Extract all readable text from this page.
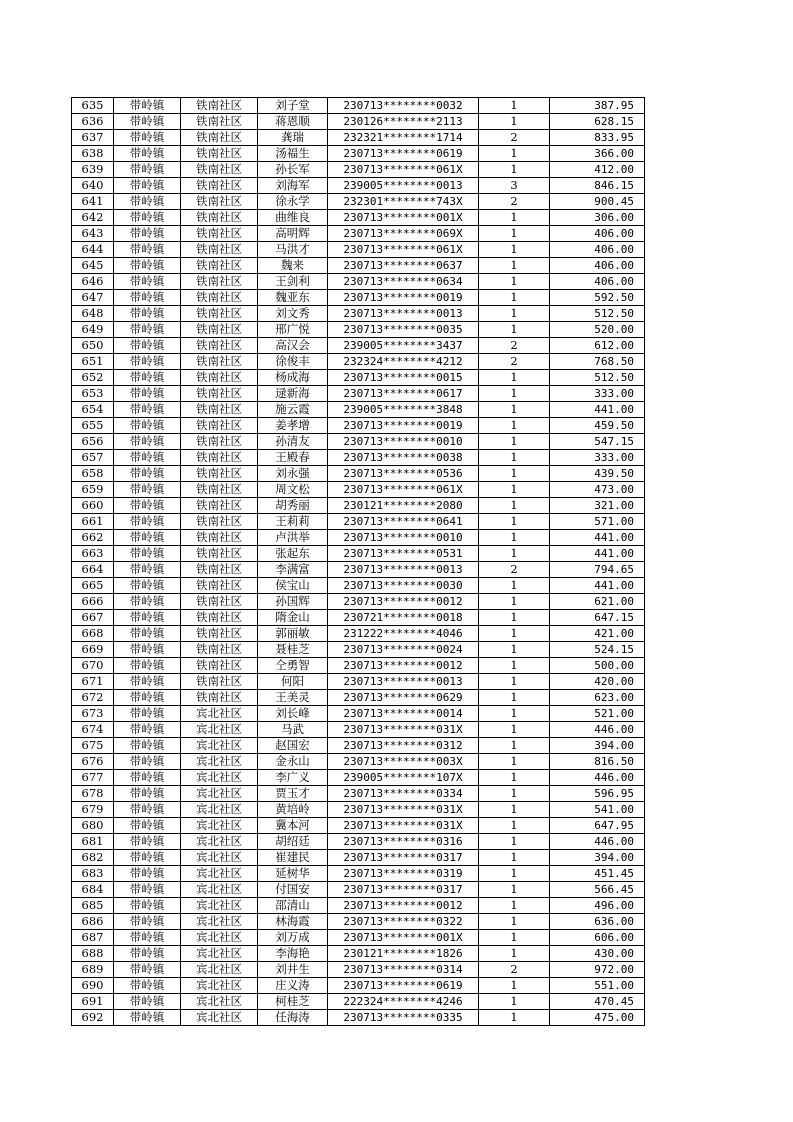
635	带岭镇	铁南社区	刘子堂	230713********0032	1	387.95
636	带岭镇	铁南社区	蒋恩顺	230126********2113	1	628.15
637	带岭镇	铁南社区	龚瑞	232321********1714	2	833.95
638	带岭镇	铁南社区	汤福生	230713********0619	1	366.00
639	带岭镇	铁南社区	孙长军	230713********061X	1	412.00
640	带岭镇	铁南社区	刘海军	239005********0013	3	846.15
641	带岭镇	铁南社区	徐永学	232301********743X	2	900.45
642	带岭镇	铁南社区	曲维良	230713********001X	1	306.00
643	带岭镇	铁南社区	高明辉	230713********069X	1	406.00
644	带岭镇	铁南社区	马洪才	230713********061X	1	406.00
645	带岭镇	铁南社区	魏来	230713********0637	1	406.00
646	带岭镇	铁南社区	王剑利	230713********0634	1	406.00
647	带岭镇	铁南社区	魏亚东	230713********0019	1	592.50
648	带岭镇	铁南社区	刘文秀	230713********0013	1	512.50
649	带岭镇	铁南社区	邢广悦	230713********0035	1	520.00
650	带岭镇	铁南社区	高汉会	239005********3437	2	612.00
651	带岭镇	铁南社区	徐俊丰	232324********4212	2	768.50
652	带岭镇	铁南社区	杨成海	230713********0015	1	512.50
653	带岭镇	铁南社区	逯新海	230713********0617	1	333.00
654	带岭镇	铁南社区	施云霞	239005********3848	1	441.00
655	带岭镇	铁南社区	姜孝增	230713********0019	1	459.50
656	带岭镇	铁南社区	孙清友	230713********0010	1	547.15
657	带岭镇	铁南社区	王殿春	230713********0038	1	333.00
658	带岭镇	铁南社区	刘永强	230713********0536	1	439.50
659	带岭镇	铁南社区	周文松	230713********061X	1	473.00
660	带岭镇	铁南社区	胡秀丽	230121********2080	1	321.00
661	带岭镇	铁南社区	王莉莉	230713********0641	1	571.00
662	带岭镇	铁南社区	卢洪举	230713********0010	1	441.00
663	带岭镇	铁南社区	张起东	230713********0531	1	441.00
664	带岭镇	铁南社区	李满富	230713********0013	2	794.65
665	带岭镇	铁南社区	侯宝山	230713********0030	1	441.00
666	带岭镇	铁南社区	孙国辉	230713********0012	1	621.00
667	带岭镇	铁南社区	隋金山	230721********0018	1	647.15
668	带岭镇	铁南社区	郭丽敏	231222********4046	1	421.00
669	带岭镇	铁南社区	聂桂芝	230713********0024	1	524.15
670	带岭镇	铁南社区	仝勇智	230713********0012	1	500.00
671	带岭镇	铁南社区	何阳	230713********0013	1	420.00
672	带岭镇	铁南社区	王美灵	230713********0629	1	623.00
673	带岭镇	宾北社区	刘长峰	230713********0014	1	521.00
674	带岭镇	宾北社区	马武	230713********031X	1	446.00
675	带岭镇	宾北社区	赵国宏	230713********0312	1	394.00
676	带岭镇	宾北社区	金永山	230713********003X	1	816.50
677	带岭镇	宾北社区	李广义	239005********107X	1	446.00
678	带岭镇	宾北社区	贾玉才	230713********0334	1	596.95
679	带岭镇	宾北社区	黄培岭	230713********031X	1	541.00
680	带岭镇	宾北社区	冀本河	230713********031X	1	647.95
681	带岭镇	宾北社区	胡绍廷	230713********0316	1	446.00
682	带岭镇	宾北社区	崔建民	230713********0317	1	394.00
683	带岭镇	宾北社区	延树华	230713********0319	1	451.45
684	带岭镇	宾北社区	付国安	230713********0317	1	566.45
685	带岭镇	宾北社区	邵清山	230713********0012	1	496.00
686	带岭镇	宾北社区	林海霞	230713********0322	1	636.00
687	带岭镇	宾北社区	刘万成	230713********001X	1	606.00
688	带岭镇	宾北社区	李海艳	230121********1826	1	430.00
689	带岭镇	宾北社区	刘井生	230713********0314	2	972.00
690	带岭镇	宾北社区	庄义涛	230713********0619	1	551.00
691	带岭镇	宾北社区	柯桂芝	222324********4246	1	470.45
692	带岭镇	宾北社区	任海涛	230713********0335	1	475.00
